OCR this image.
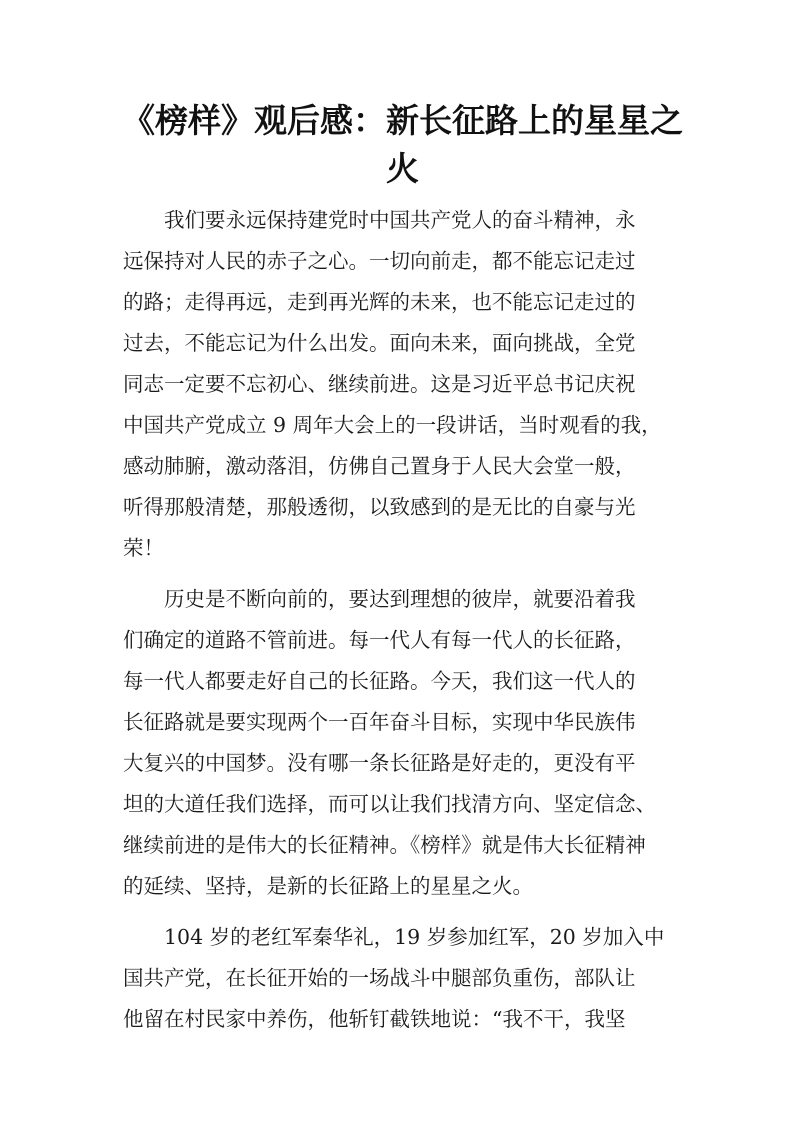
《榜样》观后感：新长征路上的星星之
火
我们要永远保持建党时中国共产党人的奋斗精神，永
远保持对人民的赤子之心。一切向前走，都不能忘记走过
的路；走得再远，走到再光辉的未来，也不能忘记走过的
过去，不能忘记为什么出发。面向未来，面向挑战，全党
同志一定要不忘初心、继续前进。这是习近平总书记庆祝
中国共产党成立 9 周年大会上的一段讲话，当时观看的我，
感动肺腑，激动落泪，仿佛自己置身于人民大会堂一般，
听得那般清楚，那般透彻，以致感到的是无比的自豪与光
荣！
历史是不断向前的，要达到理想的彼岸，就要沿着我
们确定的道路不管前进。每一代人有每一代人的长征路，
每一代人都要走好自己的长征路。今天，我们这一代人的
长征路就是要实现两个一百年奋斗目标，实现中华民族伟
大复兴的中国梦。没有哪一条长征路是好走的，更没有平
坦的大道任我们选择，而可以让我们找清方向、坚定信念、
继续前进的是伟大的长征精神。《榜样》就是伟大长征精神
的延续、坚持，是新的长征路上的星星之火。
104 岁的老红军秦华礼，19 岁参加红军，20 岁加入中
国共产党，在长征开始的一场战斗中腿部负重伤，部队让
他留在村民家中养伤，他斩钉截铁地说：“我不干，我坚
